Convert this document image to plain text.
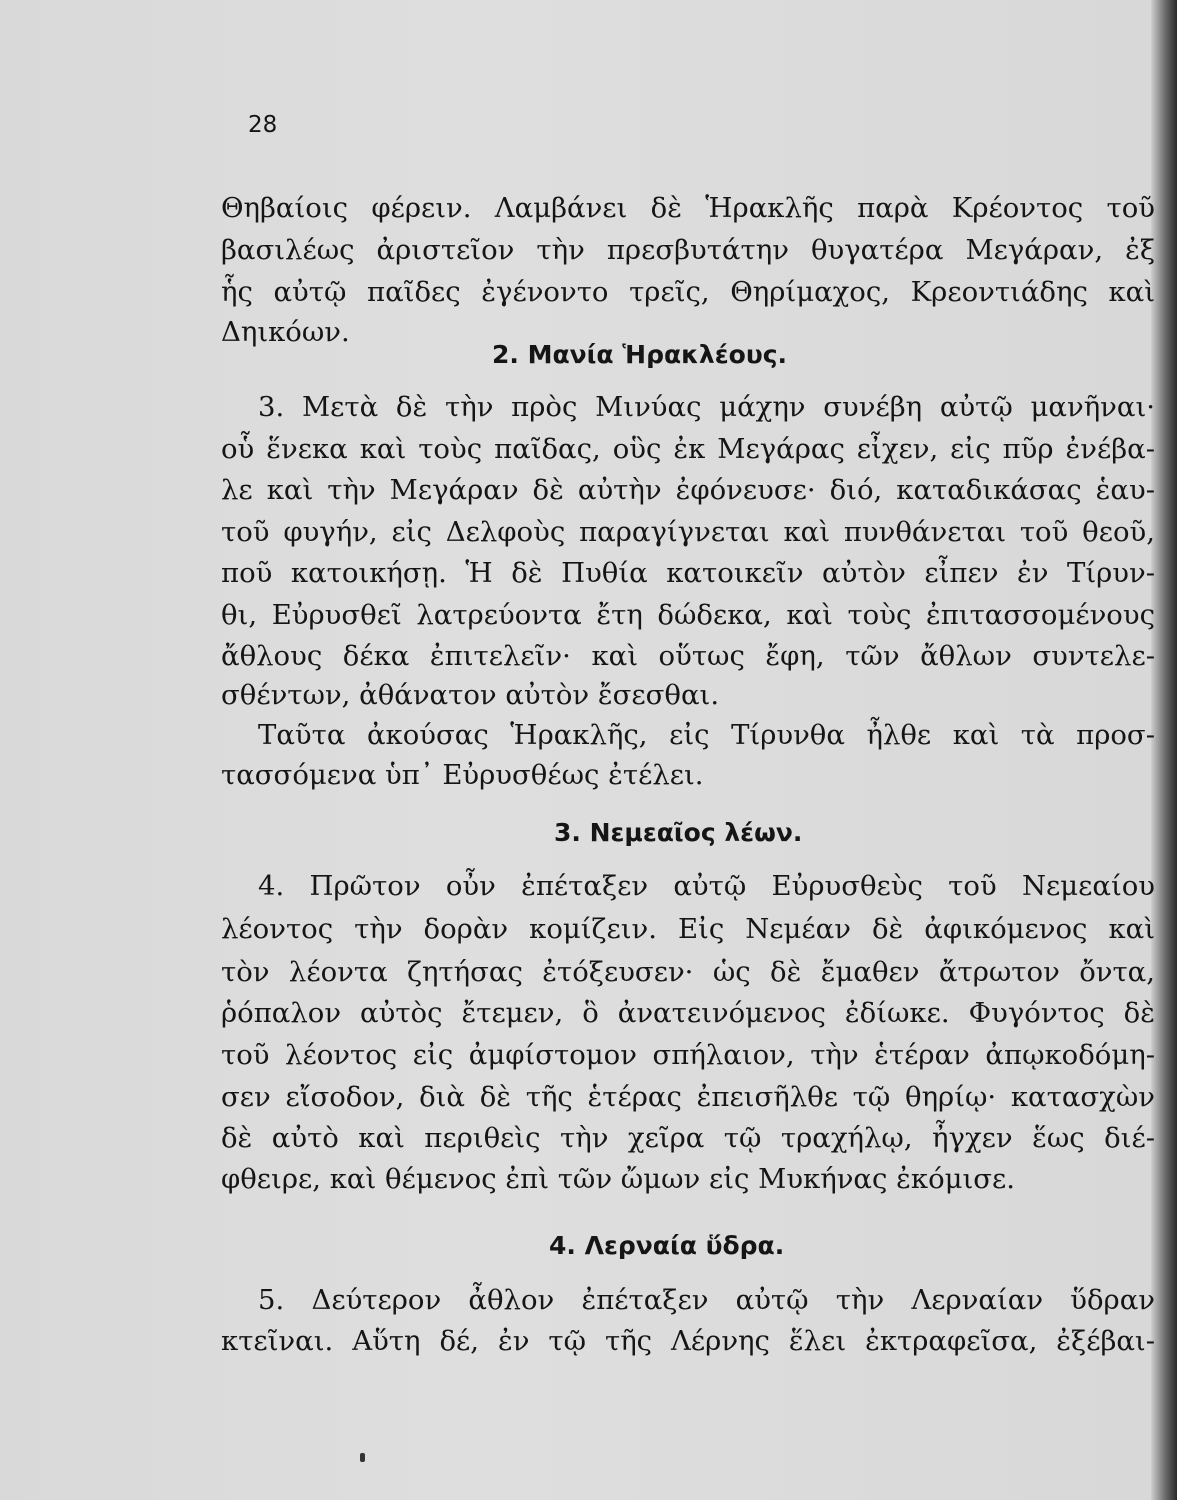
28
Θηβαίοις φέρειν. Λαμβάνει δὲ Ἡρακλῆς παρὰ Κρέοντος τοῦ
βασιλέως ἀριστεῖον τὴν πρεσβυτάτην θυγατέρα Μεγάραν, ἐξ
ἧς αὐτῷ παῖδες ἐγένοντο τρεῖς, Θηρίμαχος, Κρεοντιάδης καὶ
Δηικόων.
2. Μανία Ἡρακλέους.
3. Μετὰ δὲ τὴν πρὸς Μινύας μάχην συνέβη αὐτῷ μανῆναι·
οὗ ἕνεκα καὶ τοὺς παῖδας, οὓς ἐκ Μεγάρας εἶχεν, εἰς πῦρ ἐνέβα-
λε καὶ τὴν Μεγάραν δὲ αὐτὴν ἐφόνευσε· διό, καταδικάσας ἑαυ-
τοῦ φυγήν, εἰς Δελφοὺς παραγίγνεται καὶ πυνθάνεται τοῦ θεοῦ,
ποῦ κατοικήσῃ. Ἡ δὲ Πυθία κατοικεῖν αὐτὸν εἶπεν ἐν Τίρυν-
θι, Εὐρυσθεῖ λατρεύοντα ἔτη δώδεκα, καὶ τοὺς ἐπιτασσομένους
ἄθλους δέκα ἐπιτελεῖν· καὶ οὕτως ἔφη, τῶν ἄθλων συντελε-
σθέντων, ἀθάνατον αὐτὸν ἔσεσθαι.
Ταῦτα ἀκούσας Ἡρακλῆς, εἰς Τίρυνθα ἦλθε καὶ τὰ προσ-
τασσόμενα ὑπ᾽ Εὐρυσθέως ἐτέλει.
3. Νεμεαῖος λέων.
4. Πρῶτον οὖν ἐπέταξεν αὐτῷ Εὐρυσθεὺς τοῦ Νεμεαίου
λέοντος τὴν δορὰν κομίζειν. Εἰς Νεμέαν δὲ ἀφικόμενος καὶ
τὸν λέοντα ζητήσας ἐτόξευσεν· ὡς δὲ ἔμαθεν ἄτρωτον ὄντα,
ῥόπαλον αὐτὸς ἔτεμεν, ὃ ἀνατεινόμενος ἐδίωκε. Φυγόντος δὲ
τοῦ λέοντος εἰς ἀμφίστομον σπήλαιον, τὴν ἑτέραν ἀπῳκοδόμη-
σεν εἴσοδον, διὰ δὲ τῆς ἑτέρας ἐπεισῆλθε τῷ θηρίῳ· κατασχὼν
δὲ αὐτὸ καὶ περιθεὶς τὴν χεῖρα τῷ τραχήλῳ, ἦγχεν ἕως διέ-
φθειρε, καὶ θέμενος ἐπὶ τῶν ὤμων εἰς Μυκήνας ἐκόμισε.
4. Λερναία ὕδρα.
5. Δεύτερον ἆθλον ἐπέταξεν αὐτῷ τὴν Λερναίαν ὕδραν
κτεῖναι. Αὕτη δέ, ἐν τῷ τῆς Λέρνης ἕλει ἐκτραφεῖσα, ἐξέβαι-
